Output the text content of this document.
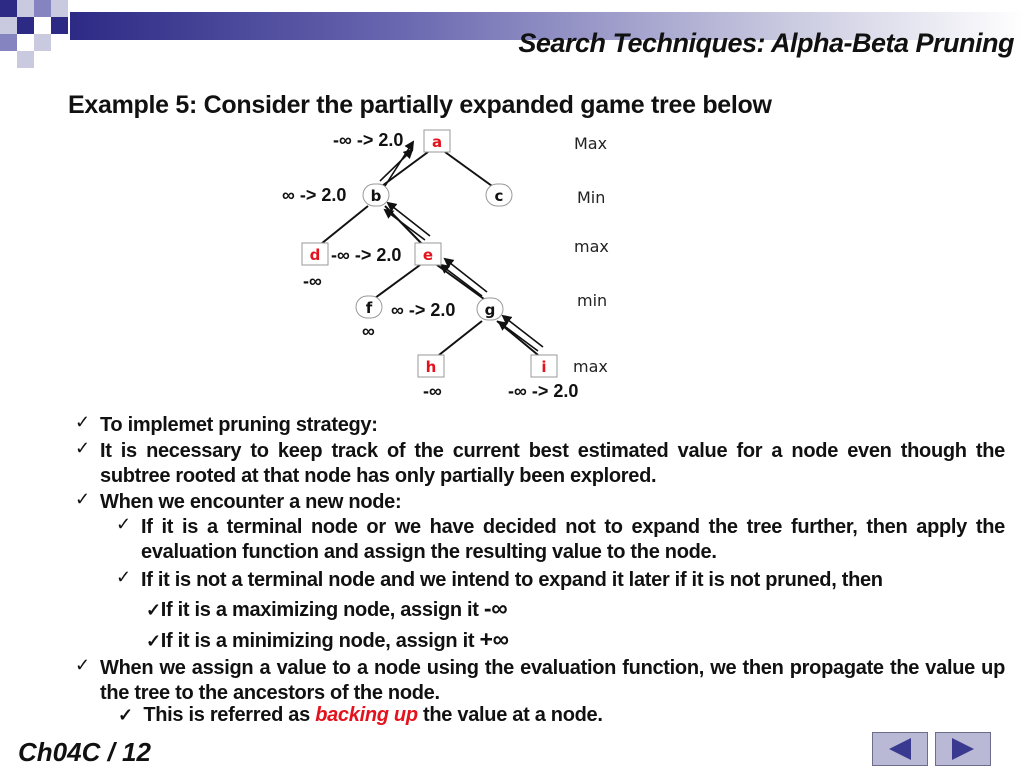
Search Techniques: Alpha-Beta Pruning
Example 5: Consider the partially expanded game tree below
a
b	c
d	e
f	g
h	i
Max
Min
max
min
max
-∞ -> 2.0
∞ -> 2.0
-∞ -> 2.0
-∞
∞ -> 2.0
∞
-∞	-∞ -> 2.0
✓ To implemet pruning strategy:
✓ It is necessary to keep track of the current best estimated value for a node even though the subtree rooted at that node has only partially been explored.
✓ When we encounter a new node:
✓ If it is a terminal node or we have decided not to expand the tree further, then apply the evaluation function and assign the resulting value to the node.
✓ If it is not a terminal node and we intend to expand it later if it is not pruned, then
✓If it is a maximizing node, assign it -∞
✓If it is a minimizing node, assign it +∞
✓ When we assign a value to a node using the evaluation function, we then propagate the value up the tree to the ancestors of the node.
✓ This is referred as backing up the value at a node.
Ch04C / 12
